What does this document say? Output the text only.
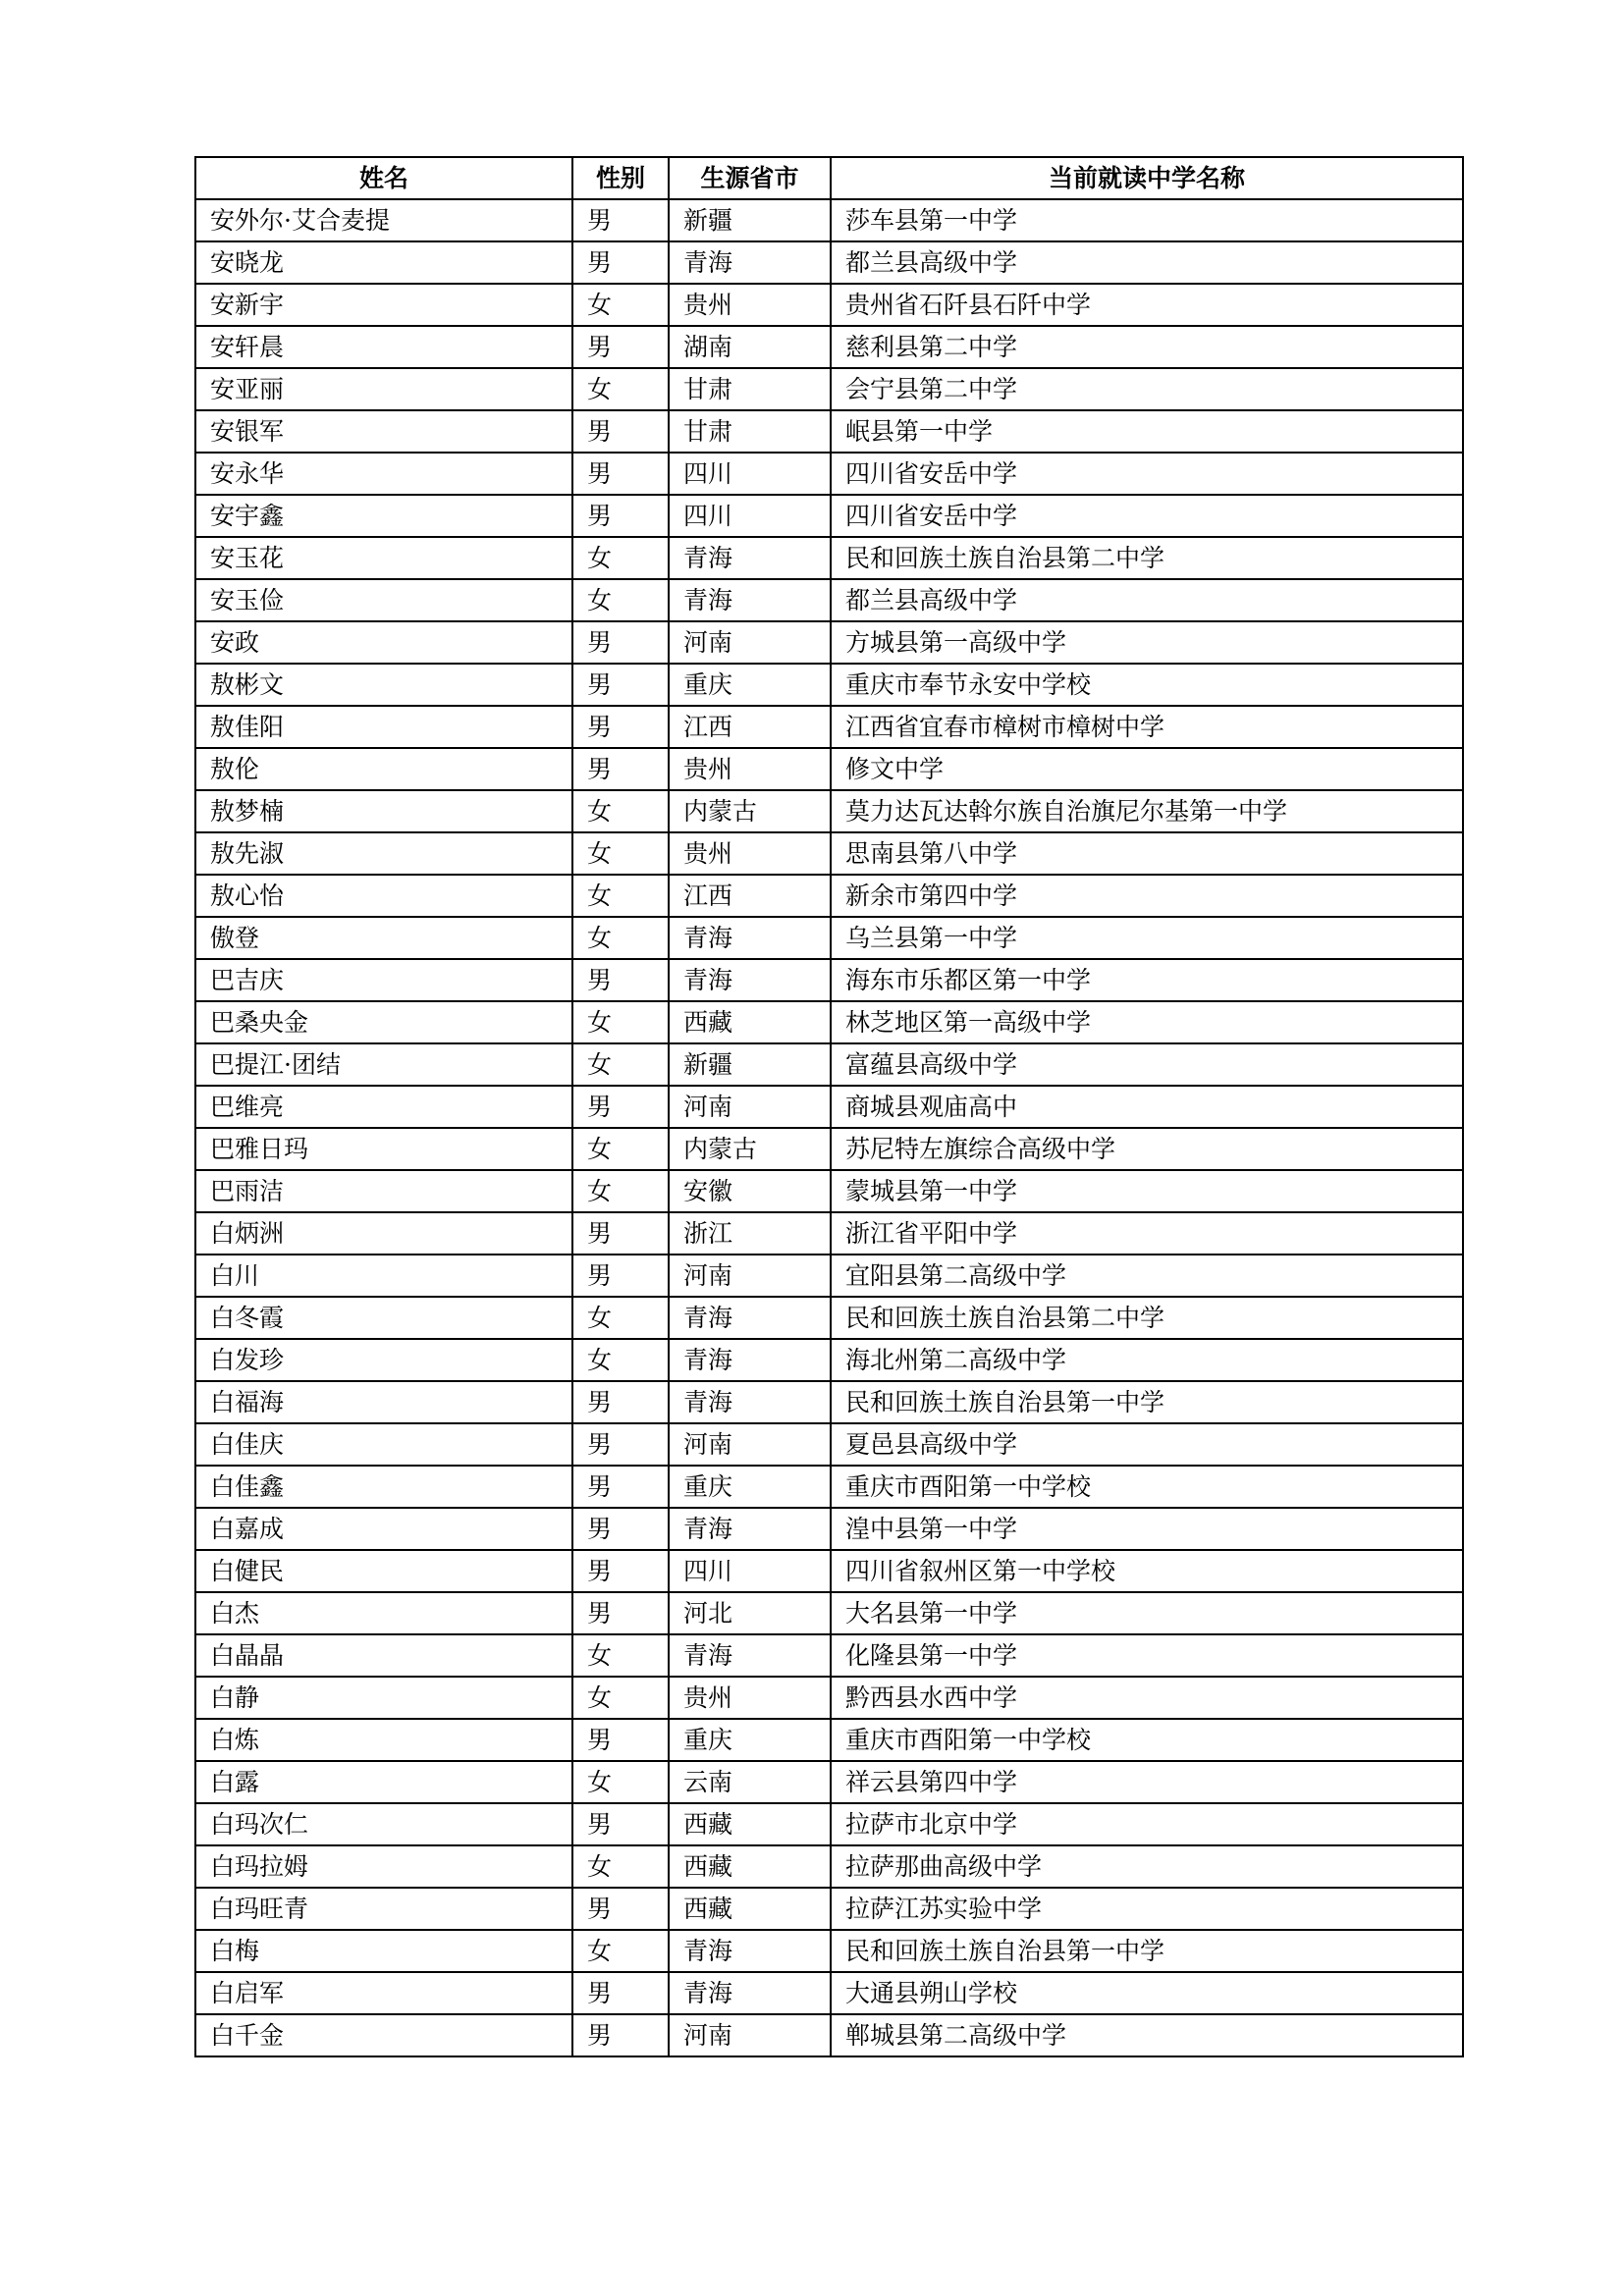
姓名	性别	生源省市	当前就读中学名称
安外尔·艾合麦提	男	新疆	莎车县第一中学
安晓龙	男	青海	都兰县高级中学
安新宇	女	贵州	贵州省石阡县石阡中学
安轩晨	男	湖南	慈利县第二中学
安亚丽	女	甘肃	会宁县第二中学
安银军	男	甘肃	岷县第一中学
安永华	男	四川	四川省安岳中学
安宇鑫	男	四川	四川省安岳中学
安玉花	女	青海	民和回族土族自治县第二中学
安玉俭	女	青海	都兰县高级中学
安政	男	河南	方城县第一高级中学
敖彬文	男	重庆	重庆市奉节永安中学校
敖佳阳	男	江西	江西省宜春市樟树市樟树中学
敖伦	男	贵州	修文中学
敖梦楠	女	内蒙古	莫力达瓦达斡尔族自治旗尼尔基第一中学
敖先淑	女	贵州	思南县第八中学
敖心怡	女	江西	新余市第四中学
傲登	女	青海	乌兰县第一中学
巴吉庆	男	青海	海东市乐都区第一中学
巴桑央金	女	西藏	林芝地区第一高级中学
巴提江·团结	女	新疆	富蕴县高级中学
巴维亮	男	河南	商城县观庙高中
巴雅日玛	女	内蒙古	苏尼特左旗综合高级中学
巴雨洁	女	安徽	蒙城县第一中学
白炳洲	男	浙江	浙江省平阳中学
白川	男	河南	宜阳县第二高级中学
白冬霞	女	青海	民和回族土族自治县第二中学
白发珍	女	青海	海北州第二高级中学
白福海	男	青海	民和回族土族自治县第一中学
白佳庆	男	河南	夏邑县高级中学
白佳鑫	男	重庆	重庆市酉阳第一中学校
白嘉成	男	青海	湟中县第一中学
白健民	男	四川	四川省叙州区第一中学校
白杰	男	河北	大名县第一中学
白晶晶	女	青海	化隆县第一中学
白静	女	贵州	黔西县水西中学
白炼	男	重庆	重庆市酉阳第一中学校
白露	女	云南	祥云县第四中学
白玛次仁	男	西藏	拉萨市北京中学
白玛拉姆	女	西藏	拉萨那曲高级中学
白玛旺青	男	西藏	拉萨江苏实验中学
白梅	女	青海	民和回族土族自治县第一中学
白启军	男	青海	大通县朔山学校
白千金	男	河南	郸城县第二高级中学
